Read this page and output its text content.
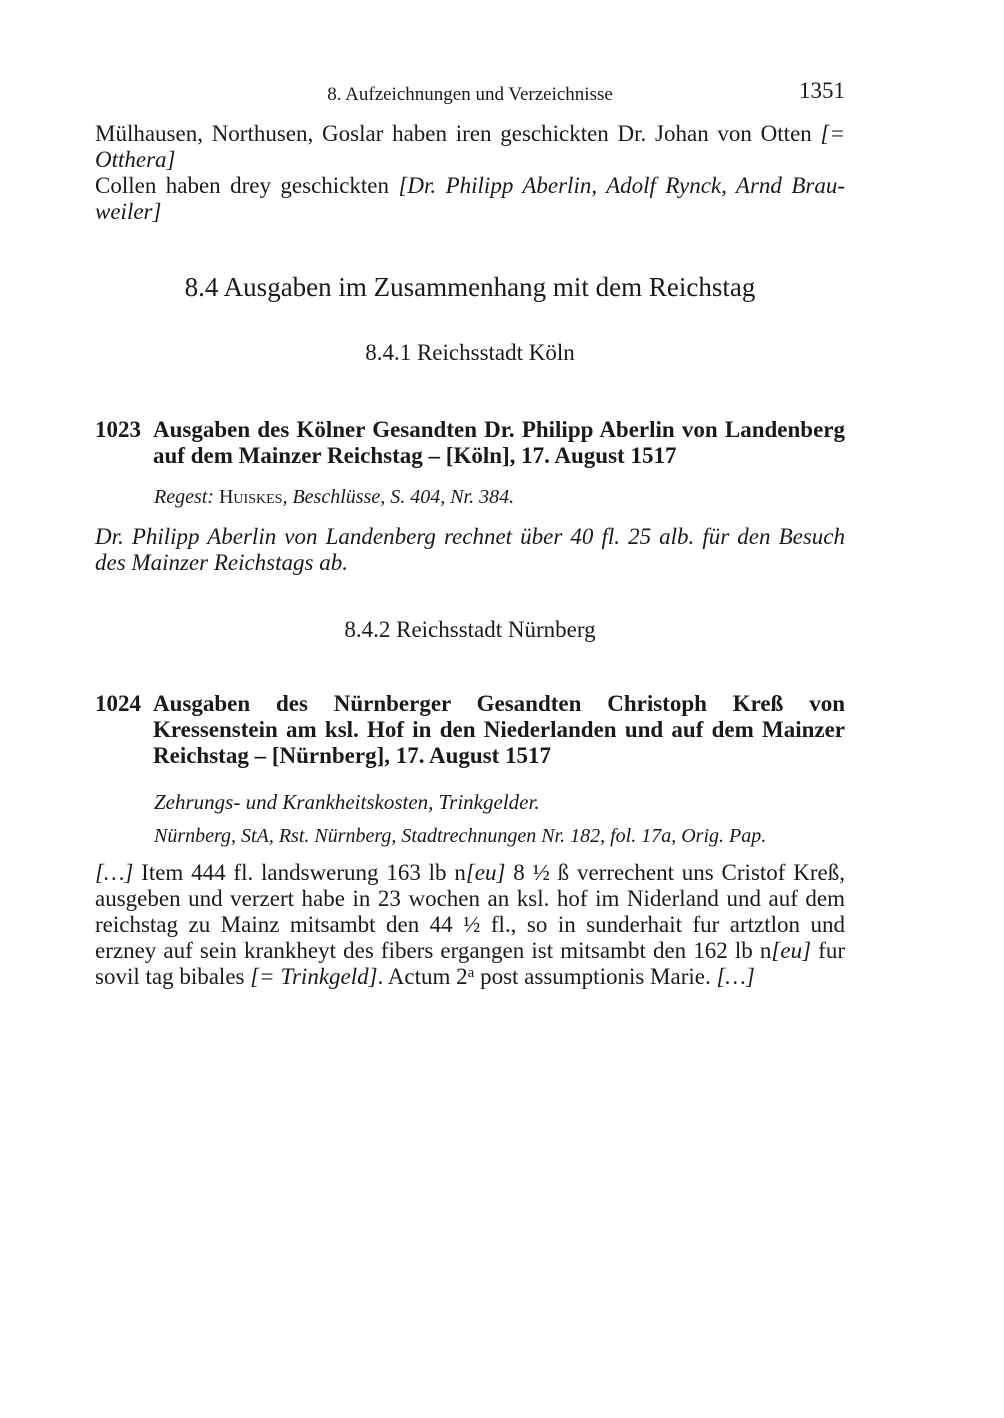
8. Aufzeichnungen und Verzeichnisse	1351
Mülhausen, Northusen, Goslar haben iren geschickten Dr. Johan von Otten [= Otthera]
Collen haben drey geschickten [Dr. Philipp Aberlin, Adolf Rynck, Arnd Brau-weiler]
8.4 Ausgaben im Zusammenhang mit dem Reichstag
8.4.1 Reichsstadt Köln
1023 Ausgaben des Kölner Gesandten Dr. Philipp Aberlin von Landenberg auf dem Mainzer Reichstag – [Köln], 17. August 1517
Regest: Huiskes, Beschlüsse, S. 404, Nr. 384.
Dr. Philipp Aberlin von Landenberg rechnet über 40 fl. 25 alb. für den Besuch des Mainzer Reichstags ab.
8.4.2 Reichsstadt Nürnberg
1024 Ausgaben des Nürnberger Gesandten Christoph Kreß von Kressenstein am ksl. Hof in den Niederlanden und auf dem Mainzer Reichstag – [Nürnberg], 17. August 1517
Zehrungs- und Krankheitskosten, Trinkgelder.
Nürnberg, StA, Rst. Nürnberg, Stadtrechnungen Nr. 182, fol. 17a, Orig. Pap.
[…] Item 444 fl. landswerung 163 lb n[eu] 8 ½ ß verrechent uns Cristof Kreß, ausgeben und verzert habe in 23 wochen an ksl. hof im Niderland und auf dem reichstag zu Mainz mitsambt den 44 ½ fl., so in sunderhait fur artztlon und erzney auf sein krankheyt des fibers ergangen ist mitsambt den 162 lb n[eu] fur sovil tag bibales [= Trinkgeld]. Actum 2$^a$ post assumptionis Marie. […]
